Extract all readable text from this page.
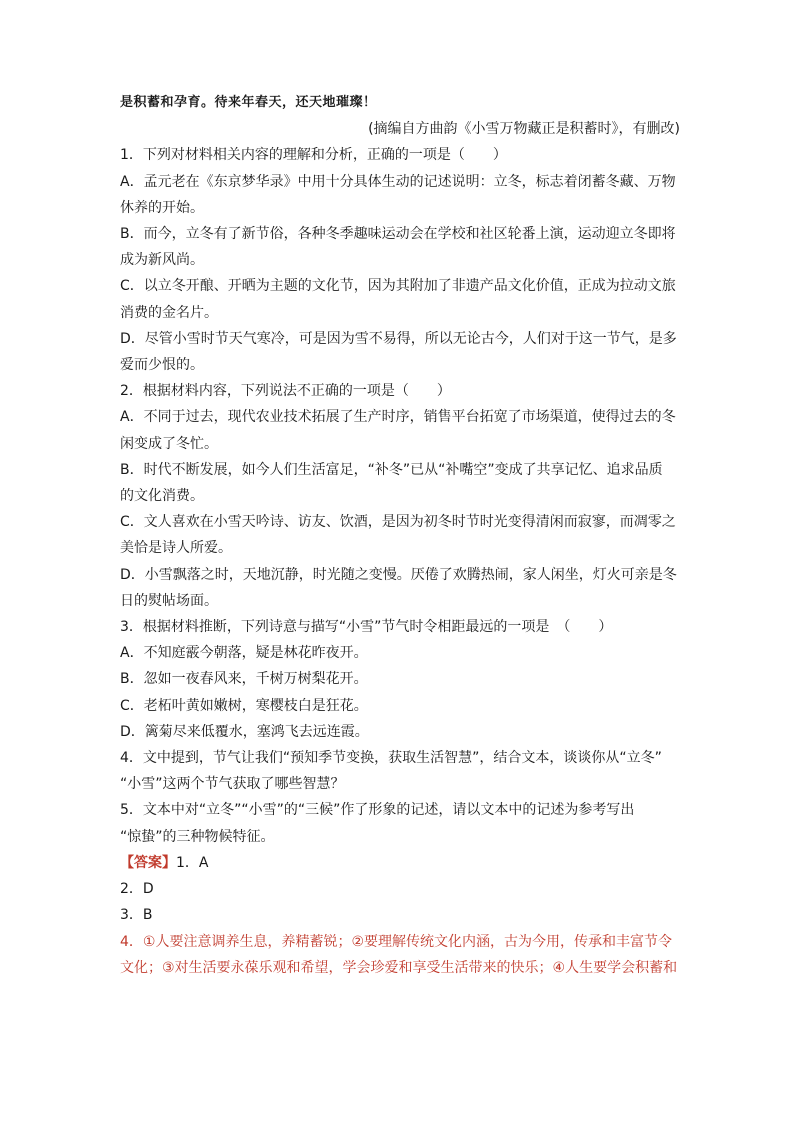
是积蓄和孕育。待来年春天，还天地璀璨！

(摘编自方曲韵《小雪万物藏正是积蓄时》，有删改)

1．下列对材料相关内容的理解和分析，正确的一项是（　　）

A．孟元老在《东京梦华录》中用十分具体生动的记述说明：立冬，标志着闭蓄冬藏、万物

休养的开始。

B．而今，立冬有了新节俗，各种冬季趣味运动会在学校和社区轮番上演，运动迎立冬即将

成为新风尚。

C．以立冬开酿、开晒为主题的文化节，因为其附加了非遗产品文化价值，正成为拉动文旅

消费的金名片。

D．尽管小雪时节天气寒冷，可是因为雪不易得，所以无论古今，人们对于这一节气，是多

爱而少恨的。

2．根据材料内容，下列说法不正确的一项是（　　）

A．不同于过去，现代农业技术拓展了生产时序，销售平台拓宽了市场渠道，使得过去的冬

闲变成了冬忙。

B．时代不断发展，如今人们生活富足，“补冬”已从“补嘴空”变成了共享记忆、追求品质

的文化消费。

C．文人喜欢在小雪天吟诗、访友、饮酒，是因为初冬时节时光变得清闲而寂寥，而凋零之

美恰是诗人所爱。

D．小雪飘落之时，天地沉静，时光随之变慢。厌倦了欢腾热闹，家人闲坐，灯火可亲是冬

日的熨帖场面。

3．根据材料推断，下列诗意与描写“小雪”节气时令相距最远的一项是　（　　）

A．不知庭霰今朝落，疑是林花昨夜开。

B．忽如一夜春风来，千树万树梨花开。

C．老柘叶黄如嫩树，寒樱枝白是狂花。

D．篱菊尽来低覆水，塞鸿飞去远连霞。

4．文中提到，节气让我们“预知季节变换，获取生活智慧”，结合文本，谈谈你从“立冬”

“小雪”这两个节气获取了哪些智慧？

5．文本中对“立冬”“小雪”的“三候”作了形象的记述，请以文本中的记述为参考写出

“惊蛰”的三种物候特征。

【答案】1．A

2．D

3．B

4．①人要注意调养生息，养精蓄锐；②要理解传统文化内涵，古为今用，传承和丰富节令

文化；③对生活要永葆乐观和希望，学会珍爱和享受生活带来的快乐；④人生要学会积蓄和
